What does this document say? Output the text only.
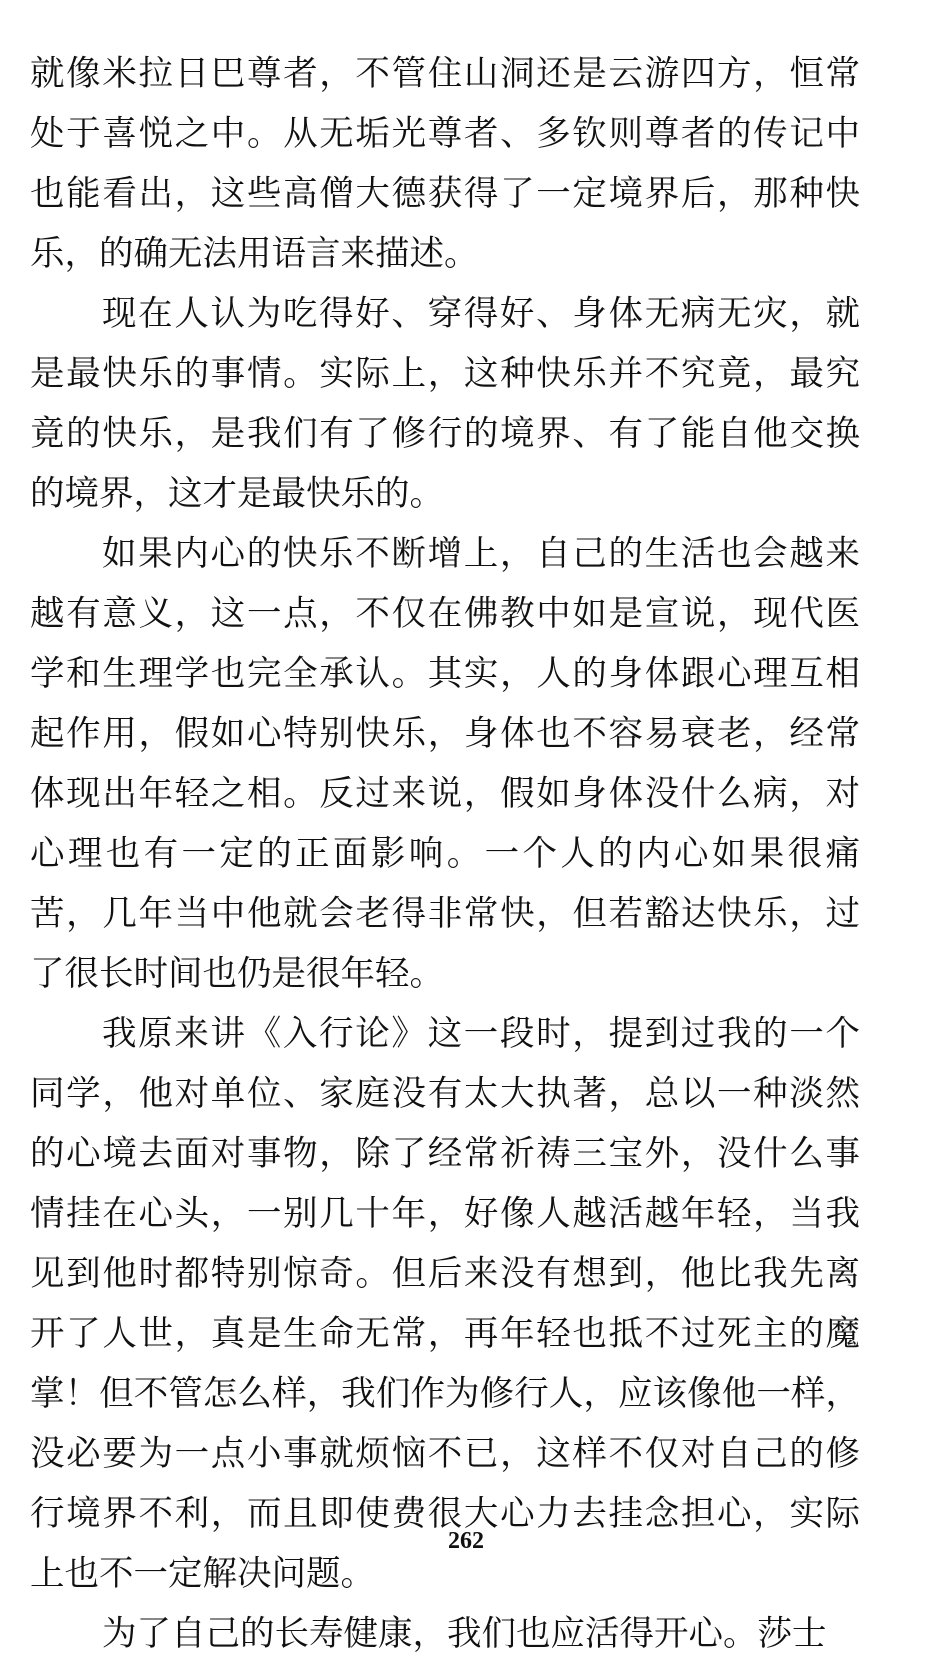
就像米拉日巴尊者，不管住山洞还是云游四方，恒常
处于喜悦之中。从无垢光尊者、多钦则尊者的传记中
也能看出，这些高僧大德获得了一定境界后，那种快
乐，的确无法用语言来描述。
现在人认为吃得好、穿得好、身体无病无灾，就
是最快乐的事情。实际上，这种快乐并不究竟，最究
竟的快乐，是我们有了修行的境界、有了能自他交换
的境界，这才是最快乐的。
如果内心的快乐不断增上，自己的生活也会越来
越有意义，这一点，不仅在佛教中如是宣说，现代医
学和生理学也完全承认。其实，人的身体跟心理互相
起作用，假如心特别快乐，身体也不容易衰老，经常
体现出年轻之相。反过来说，假如身体没什么病，对
心理也有一定的正面影响。一个人的内心如果很痛
苦，几年当中他就会老得非常快，但若豁达快乐，过
了很长时间也仍是很年轻。
我原来讲《入行论》这一段时，提到过我的一个
同学，他对单位、家庭没有太大执著，总以一种淡然
的心境去面对事物，除了经常祈祷三宝外，没什么事
情挂在心头，一别几十年，好像人越活越年轻，当我
见到他时都特别惊奇。但后来没有想到，他比我先离
开了人世，真是生命无常，再年轻也抵不过死主的魔
掌！但不管怎么样，我们作为修行人，应该像他一样，
没必要为一点小事就烦恼不已，这样不仅对自己的修
行境界不利，而且即使费很大心力去挂念担心，实际
上也不一定解决问题。
为了自己的长寿健康，我们也应活得开心。莎士
262
